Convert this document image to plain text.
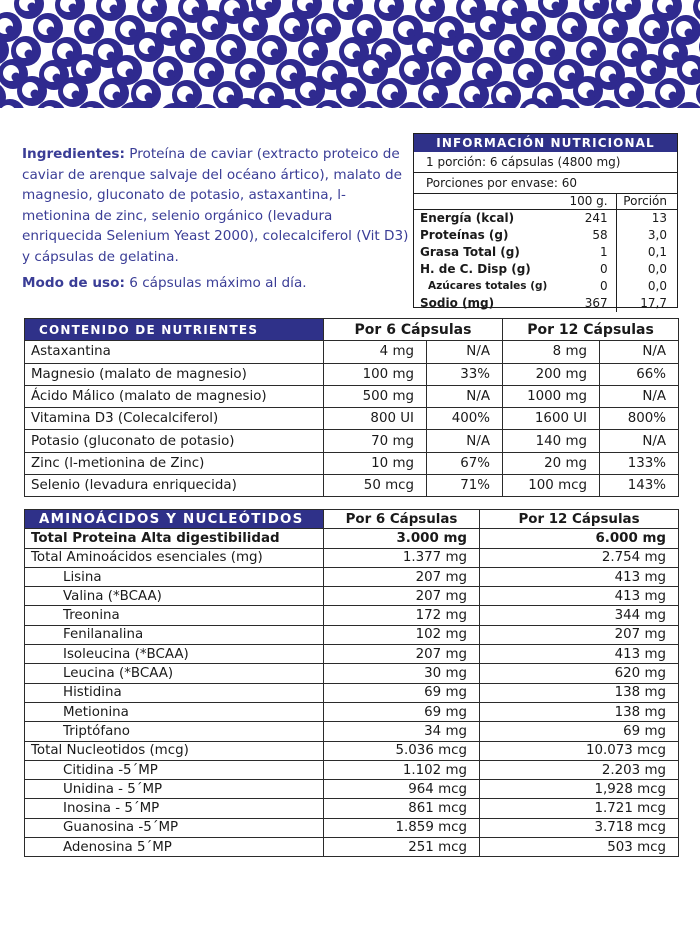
Ingredientes: Proteína de caviar (extracto proteico de caviar de arenque salvaje del océano ártico), malato de magnesio, gluconato de potasio, astaxantina, l-metionina de zinc, selenio orgánico (levadura enriquecida Selenium Yeast 2000), colecalciferol (Vit D3) y cápsulas de gelatina.
Modo de uso: 6 cápsulas máximo al día.
INFORMACIÓN NUTRICIONAL
1 porción: 6 cápsulas (4800 mg)
Porciones por envase: 60
	100 g.	Porción
Energía (kcal)	241	13
Proteínas (g)	58	3,0
Grasa Total (g)	1	0,1
H. de C. Disp (g)	0	0,0
Azúcares totales (g)	0	0,0
Sodio (mg)	367	17,7
CONTENIDO DE NUTRIENTES	Por 6 Cápsulas		Por 12 Cápsulas	
Astaxantina	4 mg	N/A	8 mg	N/A
Magnesio (malato de magnesio)	100 mg	33%	200 mg	66%
Ácido Málico (malato de magnesio)	500 mg	N/A	1000 mg	N/A
Vitamina D3 (Colecalciferol)	800 UI	400%	1600 UI	800%
Potasio (gluconato de potasio)	70 mg	N/A	140 mg	N/A
Zinc (l-metionina de Zinc)	10 mg	67%	20 mg	133%
Selenio (levadura enriquecida)	50 mcg	71%	100 mcg	143%
AMINOÁCIDOS Y NUCLEÓTIDOS	Por 6 Cápsulas	Por 12 Cápsulas
Total Proteina Alta digestibilidad	3.000 mg	6.000 mg
Total Aminoácidos esenciales (mg)	1.377 mg	2.754 mg
Lisina	207 mg	413 mg
Valina (*BCAA)	207 mg	413 mg
Treonina	172 mg	344 mg
Fenilanalina	102 mg	207 mg
Isoleucina (*BCAA)	207 mg	413 mg
Leucina (*BCAA)	30 mg	620 mg
Histidina	69 mg	138 mg
Metionina	69 mg	138 mg
Triptófano	34 mg	69 mg
Total Nucleotidos (mcg)	5.036 mcg	10.073 mcg
Citidina -5´MP	1.102 mg	2.203 mg
Unidina - 5´MP	964 mcg	1,928 mcg
Inosina - 5´MP	861 mcg	1.721 mcg
Guanosina -5´MP	1.859 mcg	3.718 mcg
Adenosina 5´MP	251 mcg	503 mcg
